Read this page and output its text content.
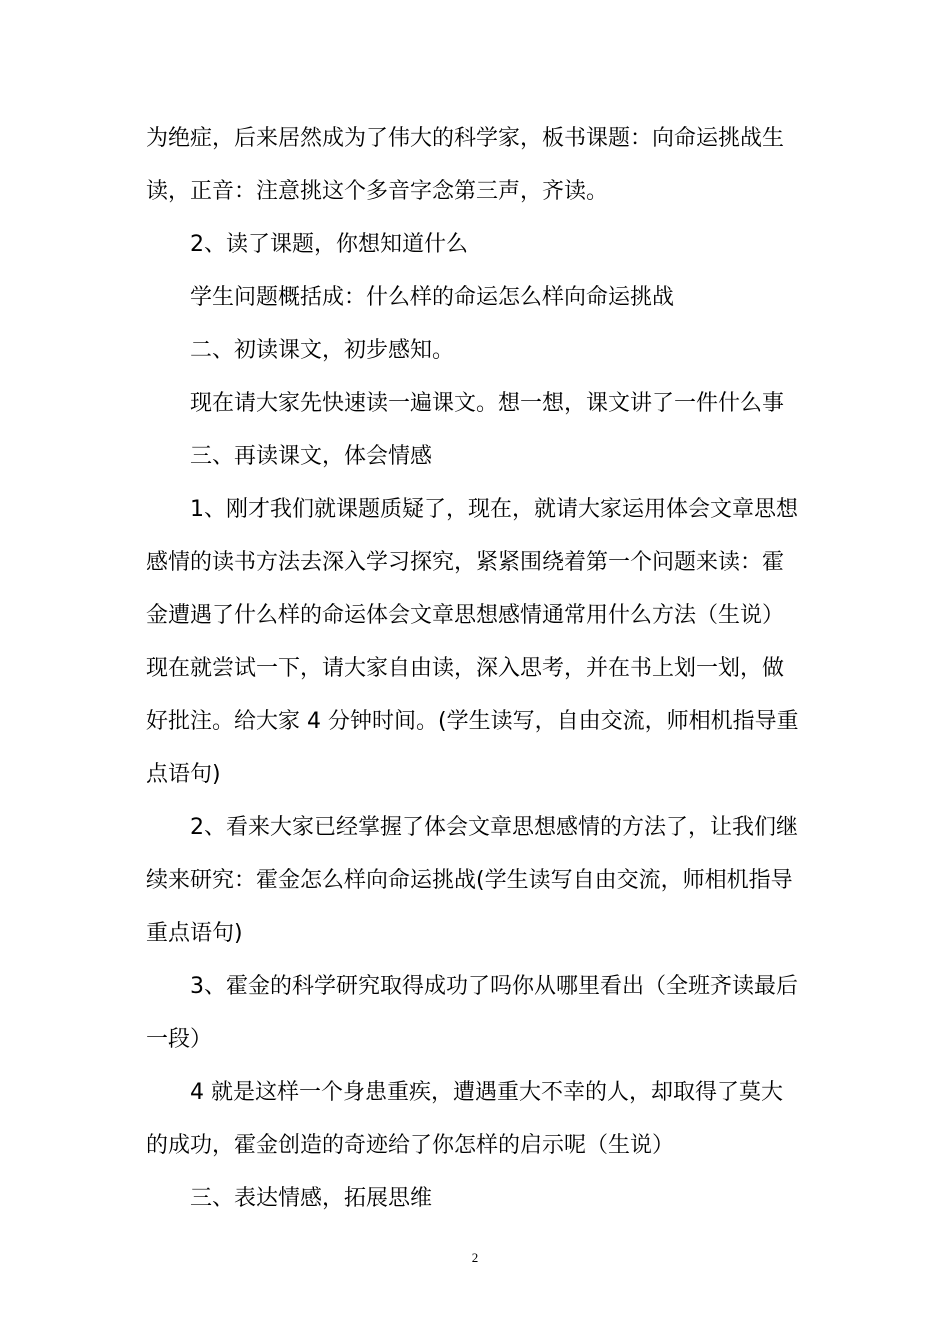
为绝症，后来居然成为了伟大的科学家，板书课题：向命运挑战生
读，正音：注意挑这个多音字念第三声，齐读。
2、读了课题，你想知道什么
学生问题概括成：什么样的命运怎么样向命运挑战
二、初读课文，初步感知。
现在请大家先快速读一遍课文。想一想，课文讲了一件什么事
三、再读课文，体会情感
1、刚才我们就课题质疑了，现在，就请大家运用体会文章思想
感情的读书方法去深入学习探究，紧紧围绕着第一个问题来读：霍
金遭遇了什么样的命运体会文章思想感情通常用什么方法（生说）
现在就尝试一下，请大家自由读，深入思考，并在书上划一划，做
好批注。给大家 4 分钟时间。(学生读写，自由交流，师相机指导重
点语句)
2、看来大家已经掌握了体会文章思想感情的方法了，让我们继
续来研究：霍金怎么样向命运挑战(学生读写自由交流，师相机指导
重点语句)
3、霍金的科学研究取得成功了吗你从哪里看出（全班齐读最后
一段）
4 就是这样一个身患重疾，遭遇重大不幸的人，却取得了莫大
的成功，霍金创造的奇迹给了你怎样的启示呢（生说）
三、表达情感，拓展思维
2
